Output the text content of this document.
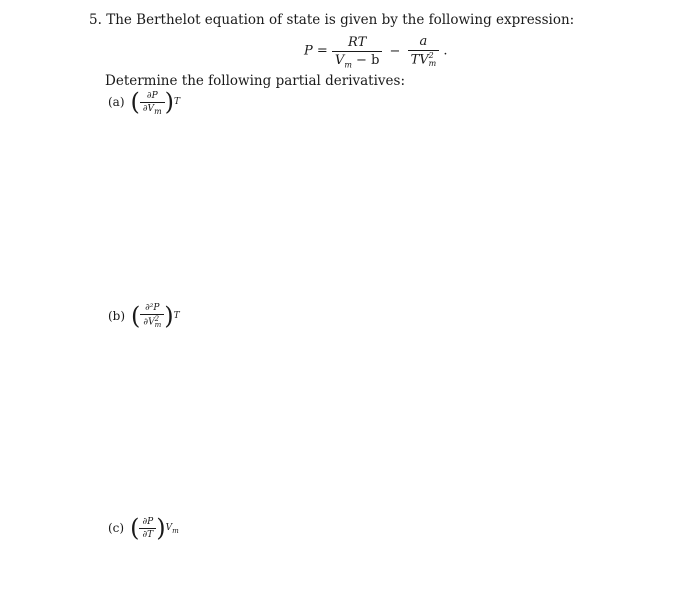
5. The Berthelot equation of state is given by the following expression:
$P = \frac{RT}{V_m - b} - a$
TV 2
m .
Determine the following partial derivatives:
(a) ( $\frac{\partial P}{\partial V_m}$ ) T
(b) ( ∂²P
∂V 2
m ) T
(c) ( $\frac{\partial P}{\partial T}$ ) $V_m$
